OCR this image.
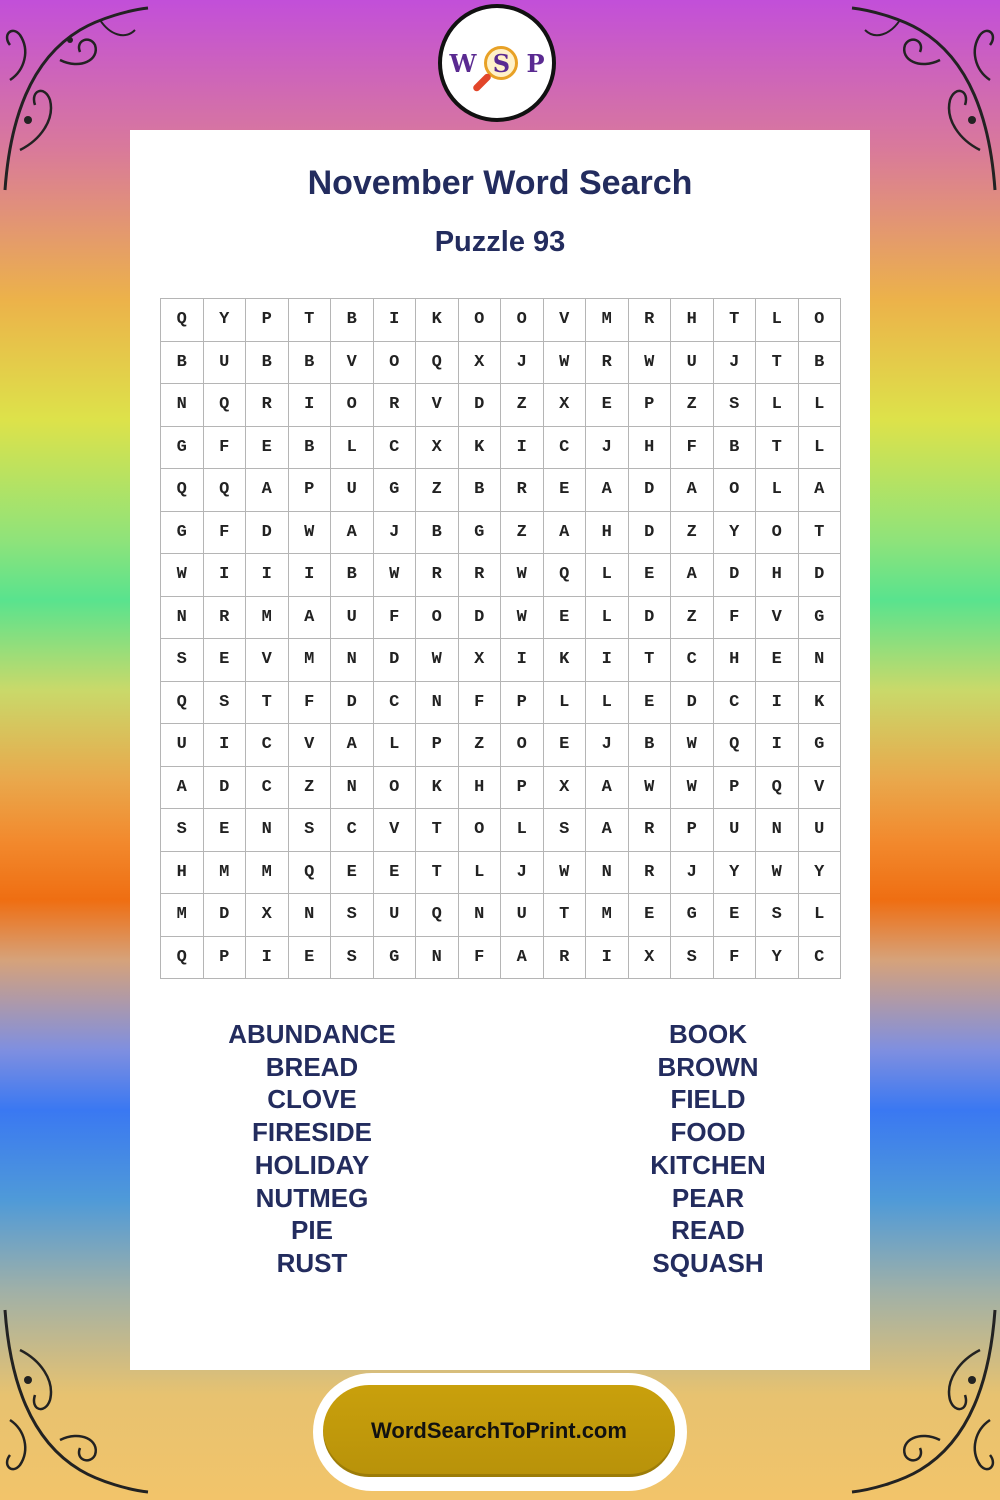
W S P
November Word Search
Puzzle 93
Q	Y	P	T	B	I	K	O	O	V	M	R	H	T	L	O
B	U	B	B	V	O	Q	X	J	W	R	W	U	J	T	B
N	Q	R	I	O	R	V	D	Z	X	E	P	Z	S	L	L
G	F	E	B	L	C	X	K	I	C	J	H	F	B	T	L
Q	Q	A	P	U	G	Z	B	R	E	A	D	A	O	L	A
G	F	D	W	A	J	B	G	Z	A	H	D	Z	Y	O	T
W	I	I	I	B	W	R	R	W	Q	L	E	A	D	H	D
N	R	M	A	U	F	O	D	W	E	L	D	Z	F	V	G
S	E	V	M	N	D	W	X	I	K	I	T	C	H	E	N
Q	S	T	F	D	C	N	F	P	L	L	E	D	C	I	K
U	I	C	V	A	L	P	Z	O	E	J	B	W	Q	I	G
A	D	C	Z	N	O	K	H	P	X	A	W	W	P	Q	V
S	E	N	S	C	V	T	O	L	S	A	R	P	U	N	U
H	M	M	Q	E	E	T	L	J	W	N	R	J	Y	W	Y
M	D	X	N	S	U	Q	N	U	T	M	E	G	E	S	L
Q	P	I	E	S	G	N	F	A	R	I	X	S	F	Y	C
ABUNDANCE
BREAD
CLOVE
FIRESIDE
HOLIDAY
NUTMEG
PIE
RUST
BOOK
BROWN
FIELD
FOOD
KITCHEN
PEAR
READ
SQUASH
WordSearchToPrint.com
